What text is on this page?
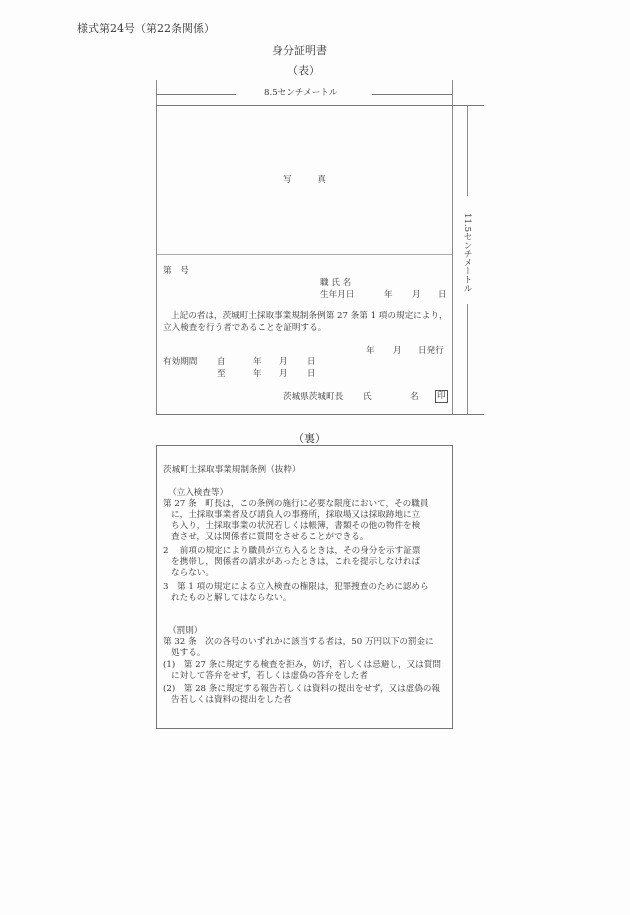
様式第24号（第22条関係）
身分証明書
（表）
8.5センチメートル
11.5センチメートル
写　　　真
第　号
職 氏 名
生年月日	年 月 日
上記の者は，茨城町土採取事業規制条例第 27 条第 1 項の規定により，
立入検査を行う者であることを証明する。
年 月 日発行
有効期間 自	年 月 日
至	年 月 日
茨城県茨城町長 氏	名 印
（裏）
茨城町土採取事業規制条例（抜粋）
（立入検査等）
第 27 条　町長は，この条例の施行に必要な限度において，その職員
に，土採取事業者及び請負人の事務所，採取場又は採取跡地に立
ち入り，土採取事業の状況若しくは帳簿，書類その他の物件を検
査させ，又は関係者に質問をさせることができる。
2　 前項の規定により職員が立ち入るときは，その身分を示す証票
を携帯し，関係者の請求があったときは，これを提示しなければ
ならない。
3　第 1 項の規定による立入検査の権限は，犯罪捜査のために認めら
れたものと解してはならない。
（罰則）
第 32 条　次の各号のいずれかに該当する者は，50 万円以下の罰金に
処する。
(1)　第 27 条に規定する検査を拒み，妨げ，若しくは忌避し，又は質問
に対して答弁をせず，若しくは虚偽の答弁をした者
(2)　第 28 条に規定する報告若しくは資料の提出をせず，又は虚偽の報
告若しくは資料の提出をした者
